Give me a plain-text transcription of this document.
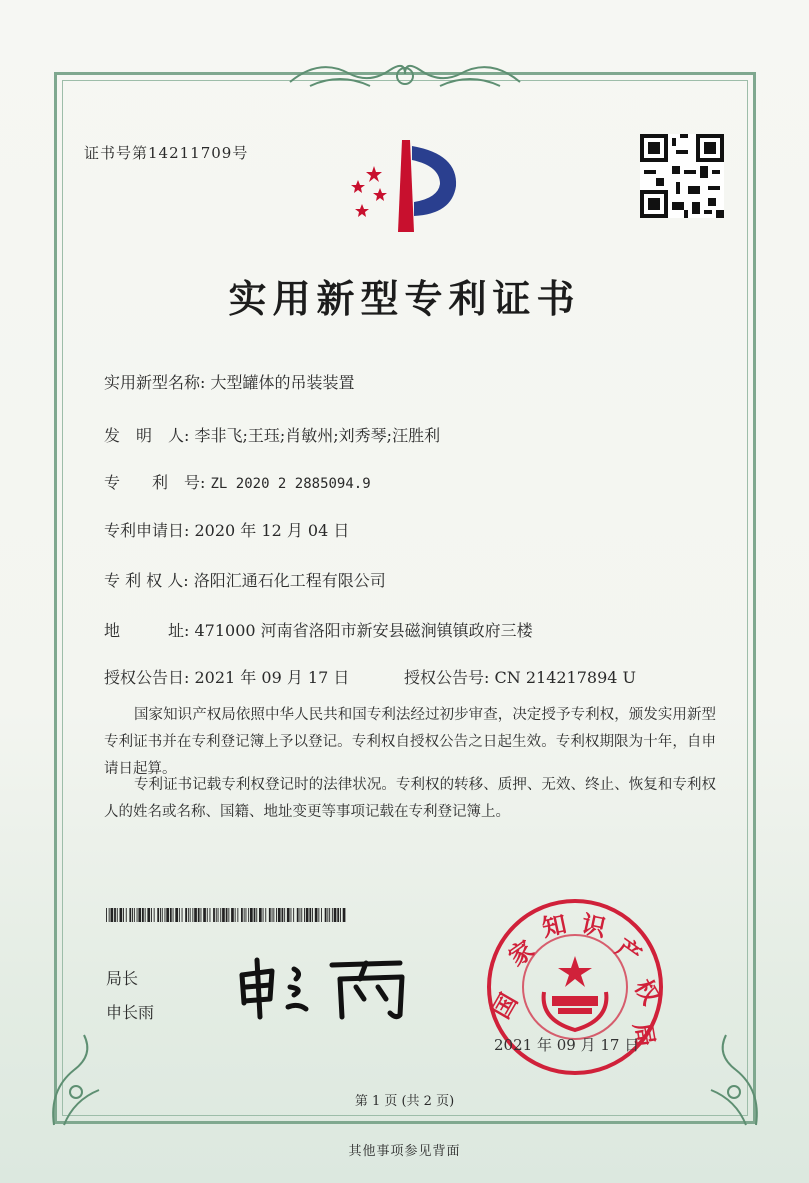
证书号第14211709号
实用新型专利证书
实用新型名称: 大型罐体的吊装装置
发　明　人: 李非飞;王珏;肖敏州;刘秀琴;汪胜利
专　　利　号: ZL 2020 2 2885094.9
专利申请日: 2020 年 12 月 04 日
专 利 权 人: 洛阳汇通石化工程有限公司
地　　　址: 471000 河南省洛阳市新安县磁涧镇镇政府三楼
授权公告日: 2021 年 09 月 17 日	授权公告号: CN 214217894 U
国家知识产权局依照中华人民共和国专利法经过初步审查，决定授予专利权，颁发实用新型专利证书并在专利登记簿上予以登记。专利权自授权公告之日起生效。专利权期限为十年，自申请日起算。
专利证书记载专利权登记时的法律状况。专利权的转移、质押、无效、终止、恢复和专利权人的姓名或名称、国籍、地址变更等事项记载在专利登记簿上。
局长
申长雨	国
家
知 识
产
权
局
2021 年 09 月 17 日
第 1 页 (共 2 页)
其他事项参见背面
